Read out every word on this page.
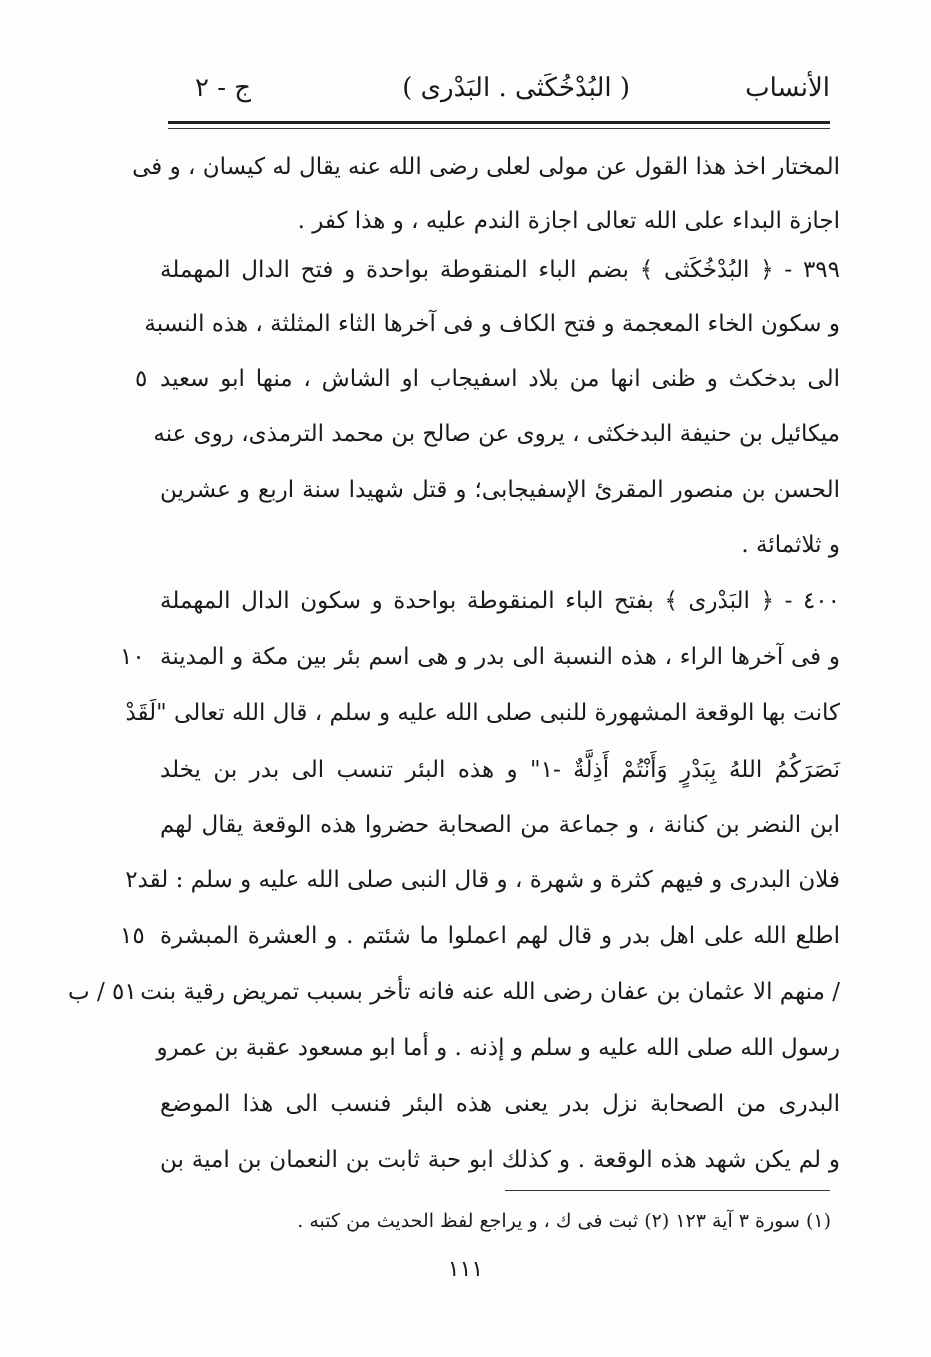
الأنساب
( البُدْخُكَثى . البَدْرى )
ج - ٢
المختار اخذ هذا القول عن مولى لعلى رضى الله عنه يقال له كيسان ، و فى
اجازة البداء على الله تعالى اجازة الندم عليه ، و هذا كفر .
٣٩٩ - ﴿ البُدْخُكَثى ﴾ بضم الباء المنقوطة بواحدة و فتح الدال المهملة
و سكون الخاء المعجمة و فتح الكاف و فى آخرها الثاء المثلثة ، هذه النسبة
الى بدخكث و ظنى انها من بلاد اسفيجاب او الشاش ، منها ابو سعيد
ميكائيل بن حنيفة البدخكثى ، يروى عن صالح بن محمد الترمذى، روى عنه
الحسن بن منصور المقرئ الإسفيجابى؛ و قتل شهيدا سنة اربع و عشرين
و ثلاثمائة .
٤٠٠ - ﴿ البَدْرى ﴾ بفتح الباء المنقوطة بواحدة و سكون الدال المهملة
و فى آخرها الراء ، هذه النسبة الى بدر و هى اسم بئر بين مكة و المدينة
كانت بها الوقعة المشهورة للنبى صلى الله عليه و سلم ، قال الله تعالى "لَقَدْ
نَصَرَكُمُ اللهُ بِبَدْرٍ وَأَنْتُمْ أَذِلَّةٌ -١" و هذه البئر تنسب الى بدر بن يخلد
ابن النضر بن كنانة ، و جماعة من الصحابة حضروا هذه الوقعة يقال لهم
فلان البدرى و فيهم كثرة و شهرة ، و قال النبى صلى الله عليه و سلم : لقد٢
اطلع الله على اهل بدر و قال لهم اعملوا ما شئتم . و العشرة المبشرة
/ منهم الا عثمان بن عفان رضى الله عنه فانه تأخر بسبب تمريض رقية بنت
رسول الله صلى الله عليه و سلم و إذنه . و أما ابو مسعود عقبة بن عمرو
البدرى من الصحابة نزل بدر يعنى هذه البئر فنسب الى هذا الموضع
و لم يكن شهد هذه الوقعة . و كذلك ابو حبة ثابت بن النعمان بن امية بن
٥
١٠
١٥
٥١ / ب
(١) سورة ٣ آية ١٢٣ (٢) ثبت فى ك ، و يراجع لفظ الحديث من كتبه .
١١١
